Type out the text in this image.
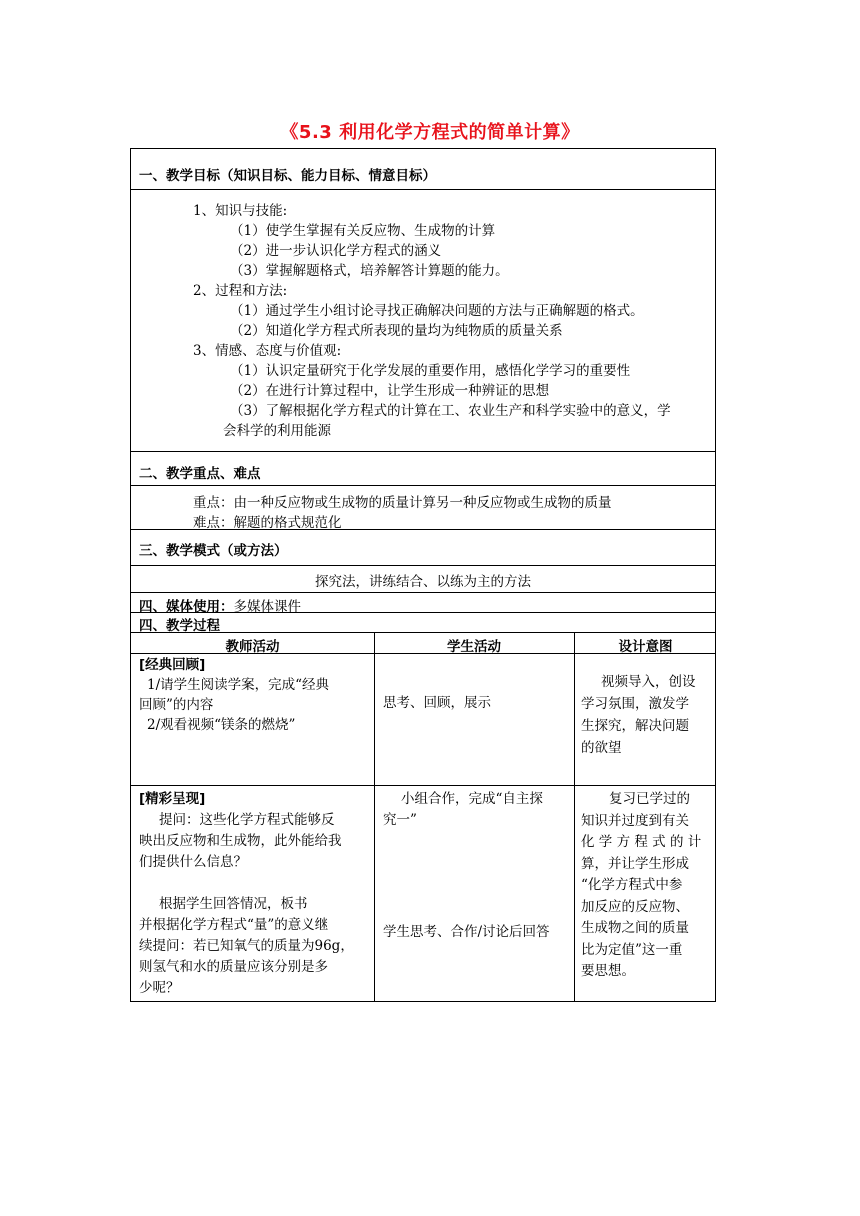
《5.3 利用化学方程式的简单计算》
一、教学目标（知识目标、能力目标、情意目标）
1、知识与技能:
（1）使学生掌握有关反应物、生成物的计算
（2）进一步认识化学方程式的涵义
（3）掌握解题格式，培养解答计算题的能力。
2、过程和方法:
（1）通过学生小组讨论寻找正确解决问题的方法与正确解题的格式。
（2）知道化学方程式所表现的量均为纯物质的质量关系
3、情感、态度与价值观:
（1）认识定量研究于化学发展的重要作用，感悟化学学习的重要性
（2）在进行计算过程中，让学生形成一种辨证的思想
（3）了解根据化学方程式的计算在工、农业生产和科学实验中的意义，学
会科学的利用能源
二、教学重点、难点
重点：由一种反应物或生成物的质量计算另一种反应物或生成物的质量
难点：解题的格式规范化
三、教学模式（或方法）
探究法，讲练结合、以练为主的方法
四、媒体使用：多媒体课件
四、教学过程
教师活动	学生活动	设计意图
[经典回顾]
1/请学生阅读学案，完成“经典
回顾”的内容
2/观看视频“镁条的燃烧”
思考、回顾，展示
视频导入，创设
学习氛围，激发学
生探究，解决问题
的欲望
[精彩呈现]
提问：这些化学方程式能够反
映出反应物和生成物，此外能给我
们提供什么信息？
根据学生回答情况，板书
并根据化学方程式“量”的意义继
续提问：若已知氧气的质量为96g，
则氢气和水的质量应该分别是多
少呢？
小组合作，完成“自主探
究一”
学生思考、合作/讨论后回答
复习已学过的
知识并过度到有关
化 学 方 程 式 的 计
算，并让学生形成
“化学方程式中参
加反应的反应物、
生成物之间的质量
比为定值”这一重
要思想。
